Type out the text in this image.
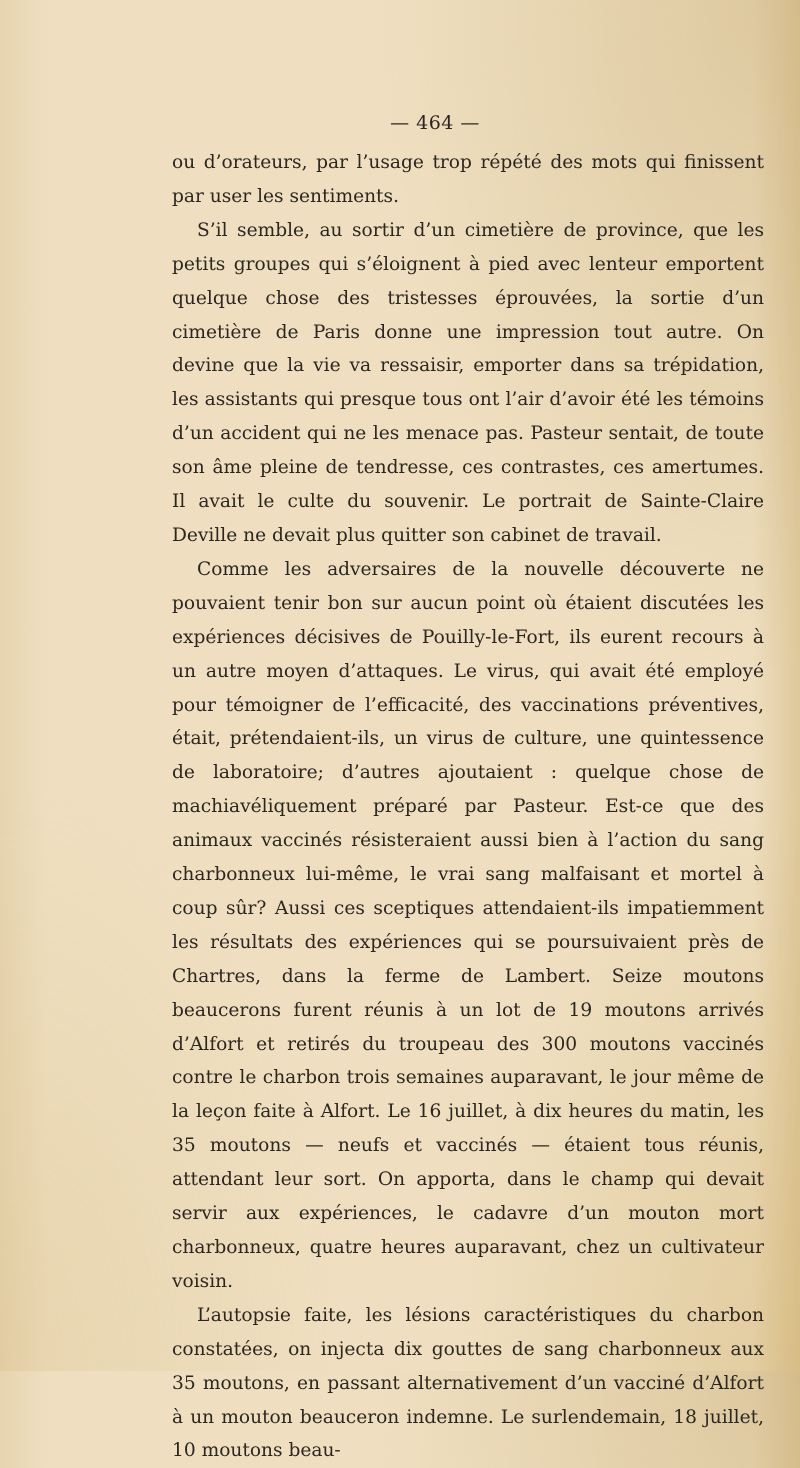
— 464 —

ou d’orateurs, par l’usage trop répété des mots qui finissent par user les sentiments.

S’il semble, au sortir d’un cimetière de province, que les petits groupes qui s’éloignent à pied avec lenteur emportent quelque chose des tristesses éprouvées, la sortie d’un cimetière de Paris donne une impression tout autre. On devine que la vie va ressaisir, emporter dans sa trépidation, les assistants qui presque tous ont l’air d’avoir été les témoins d’un accident qui ne les menace pas. Pasteur sentait, de toute son âme pleine de tendresse, ces contrastes, ces amertumes. Il avait le culte du souvenir. Le portrait de Sainte-Claire Deville ne devait plus quitter son cabinet de travail.

Comme les adversaires de la nouvelle découverte ne pouvaient tenir bon sur aucun point où étaient discutées les expériences décisives de Pouilly-le-Fort, ils eurent recours à un autre moyen d’attaques. Le virus, qui avait été employé pour témoigner de l’efficacité, des vaccinations préventives, était, prétendaient-ils, un virus de culture, une quintessence de laboratoire; d’autres ajoutaient : quelque chose de machiavéliquement préparé par Pasteur. Est-ce que des animaux vaccinés résisteraient aussi bien à l’action du sang charbonneux lui-même, le vrai sang malfaisant et mortel à coup sûr? Aussi ces sceptiques attendaient-ils impatiemment les résultats des expériences qui se poursuivaient près de Chartres, dans la ferme de Lambert. Seize moutons beaucerons furent réunis à un lot de 19 moutons arrivés d’Alfort et retirés du troupeau des 300 moutons vaccinés contre le charbon trois semaines auparavant, le jour même de la leçon faite à Alfort. Le 16 juillet, à dix heures du matin, les 35 moutons — neufs et vaccinés — étaient tous réunis, attendant leur sort. On apporta, dans le champ qui devait servir aux expériences, le cadavre d’un mouton mort charbonneux, quatre heures auparavant, chez un cultivateur voisin.

L’autopsie faite, les lésions caractéristiques du charbon constatées, on injecta dix gouttes de sang charbonneux aux 35 moutons, en passant alternativement d’un vacciné d’Alfort à un mouton beauceron indemne. Le surlendemain, 18 juillet, 10 moutons beau-
